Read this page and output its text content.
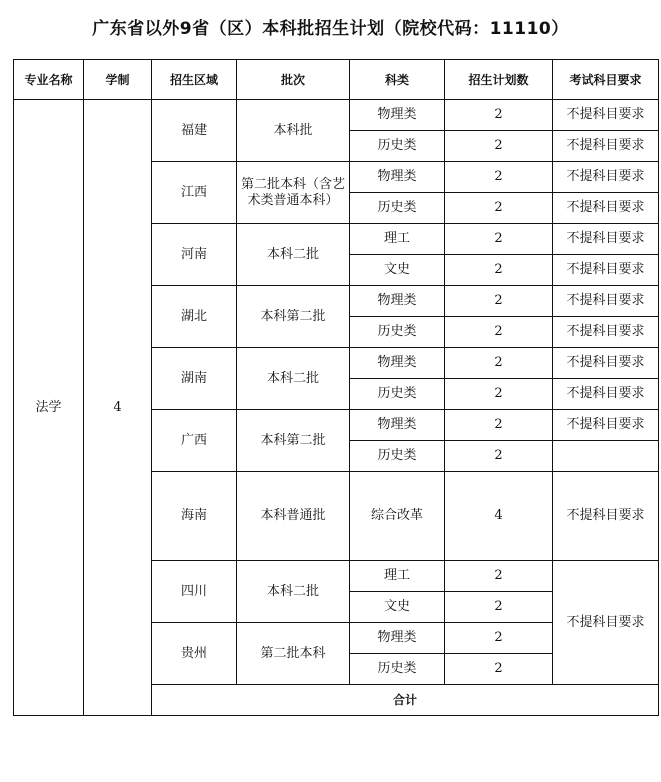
广东省以外9省（区）本科批招生计划（院校代码：11110）
专业名称	学制	招生区域	批次	科类	招生计划数	考试科目要求	
法学	4	福建	本科批	物理类	2	不提科目要求	
				历史类	2	不提科目要求	
		江西	第二批本科（含艺术类普通本科）	物理类	2	不提科目要求	
				历史类	2	不提科目要求	
		河南	本科二批	理工	2	不提科目要求	
				文史	2	不提科目要求	
		湖北	本科第二批	物理类	2	不提科目要求	
				历史类	2	不提科目要求	
		湖南	本科二批	物理类	2	不提科目要求	
				历史类	2	不提科目要求	
		广西	本科第二批	物理类	2	不提科目要求	
				历史类	2		
		海南	本科普通批	综合改革	4	不提科目要求	
		四川	本科二批	理工	2	不提科目要求	
				文史	2		
		贵州	第二批本科	物理类	2		
				历史类	2		
		合计		
